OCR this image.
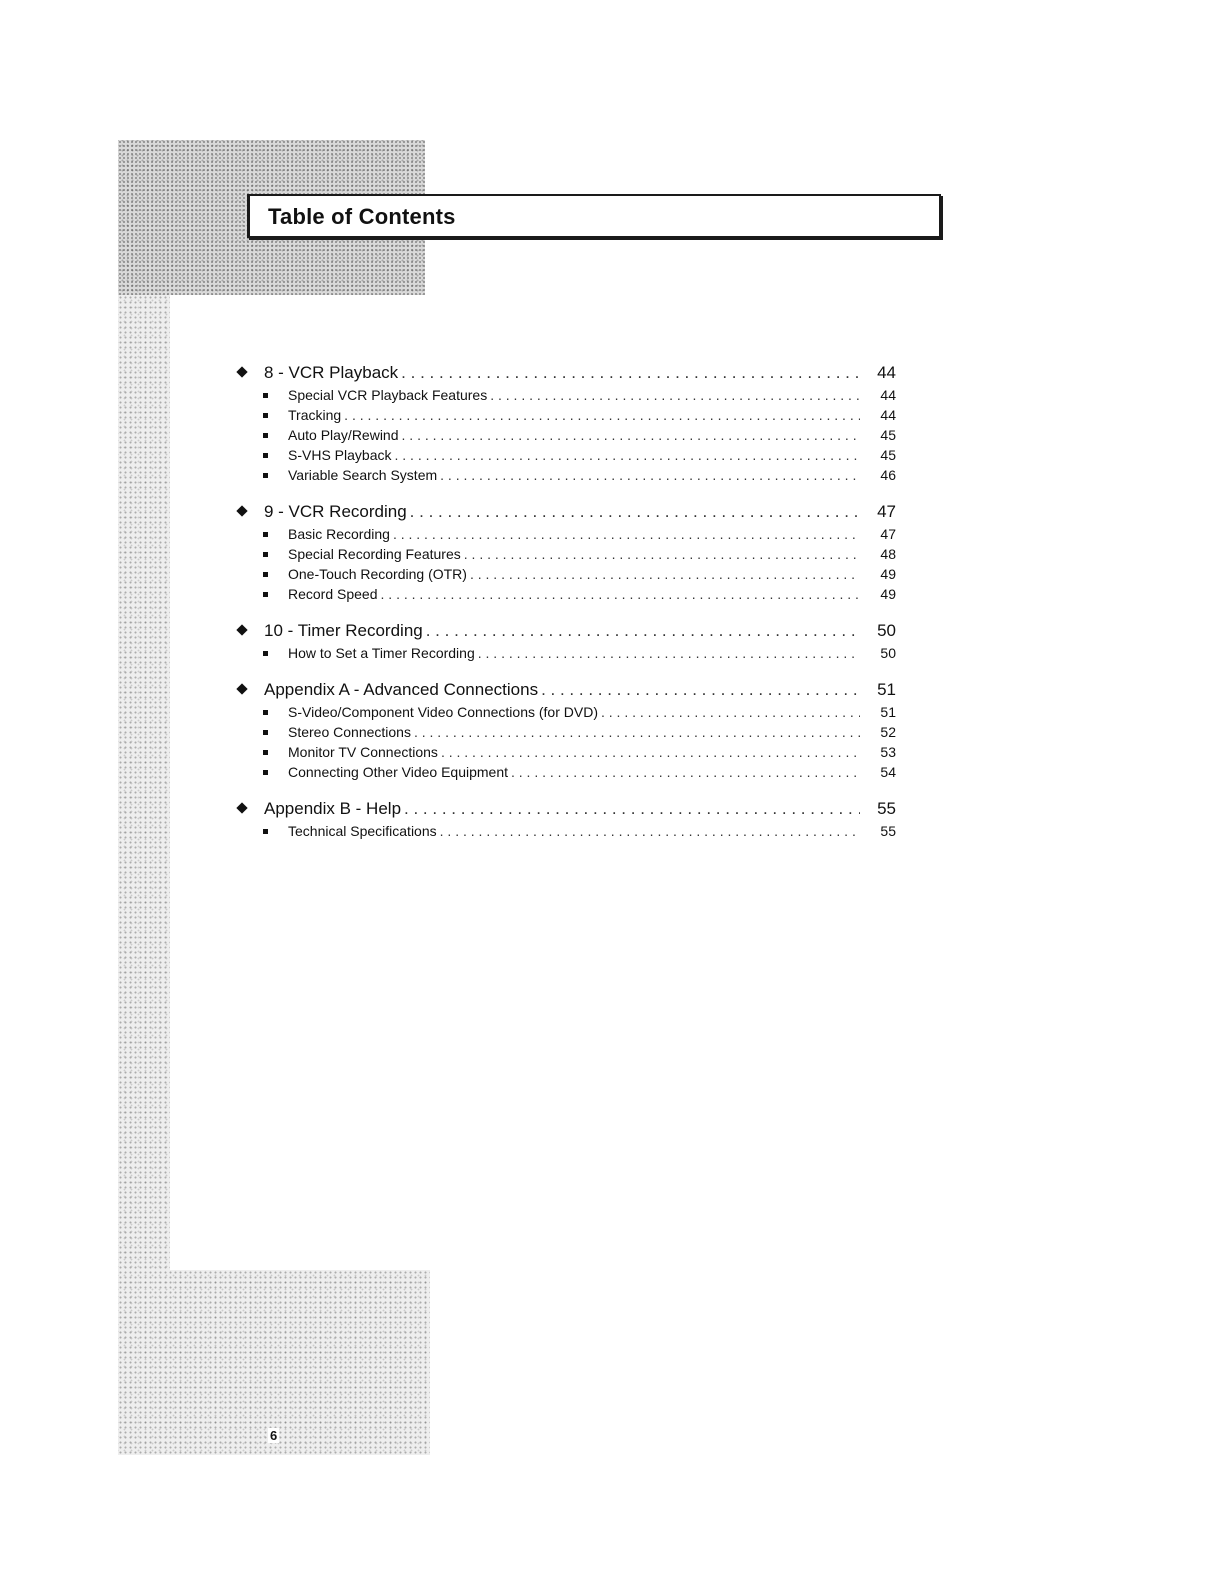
Table of Contents
8 - VCR Playback . . .	44
Special VCR Playback Features . . .	44
Tracking . . .	44
Auto Play/Rewind . . .	45
S-VHS Playback . . .	45
Variable Search System . . .	46
9 - VCR Recording . . .	47
Basic Recording . . .	47
Special Recording Features . . .	48
One-Touch Recording (OTR) . . .	49
Record Speed . . .	49
10 - Timer Recording . . .	50
How to Set a Timer Recording . . .	50
Appendix A - Advanced Connections . . .	51
S-Video/Component Video Connections (for DVD) . . .	51
Stereo Connections . . .	52
Monitor TV Connections . . .	53
Connecting Other Video Equipment . . .	54
Appendix B - Help . . .	55
Technical Specifications . . .	55
6
